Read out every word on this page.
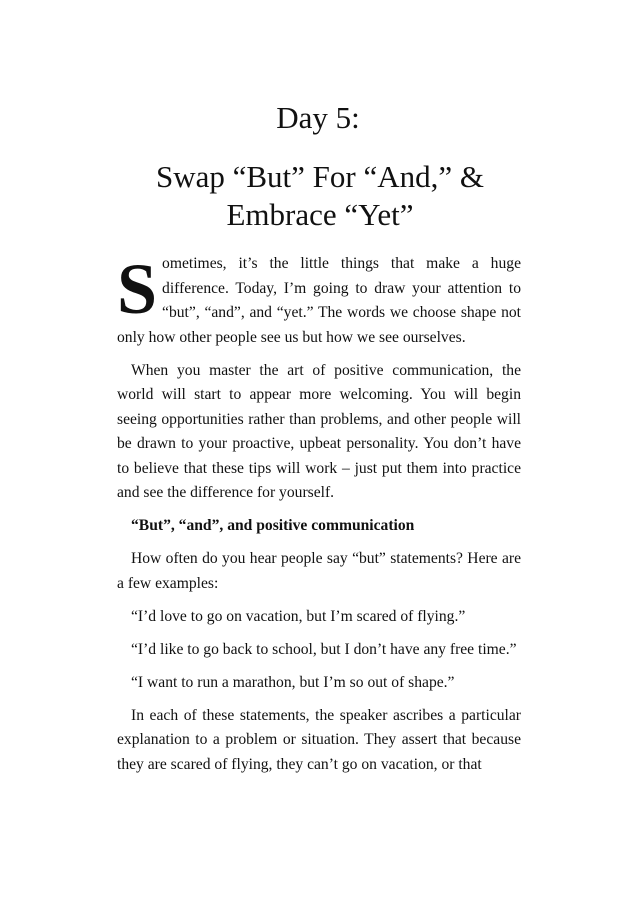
Day 5:
Swap “But” For “And,” & Embrace “Yet”

Sometimes, it’s the little things that make a huge difference. Today, I’m going to draw your attention to “but”, “and”, and “yet.” The words we choose shape not only how other people see us but how we see ourselves.

When you master the art of positive communication, the world will start to appear more welcoming. You will begin seeing opportunities rather than problems, and other people will be drawn to your proactive, upbeat personality. You don’t have to believe that these tips will work – just put them into practice and see the difference for yourself.

“But”, “and”, and positive communication

How often do you hear people say “but” statements? Here are a few examples:

“I’d love to go on vacation, but I’m scared of flying.”

“I’d like to go back to school, but I don’t have any free time.”

“I want to run a marathon, but I’m so out of shape.”

In each of these statements, the speaker ascribes a particular explanation to a problem or situation. They assert that because they are scared of flying, they can’t go on vacation, or that
